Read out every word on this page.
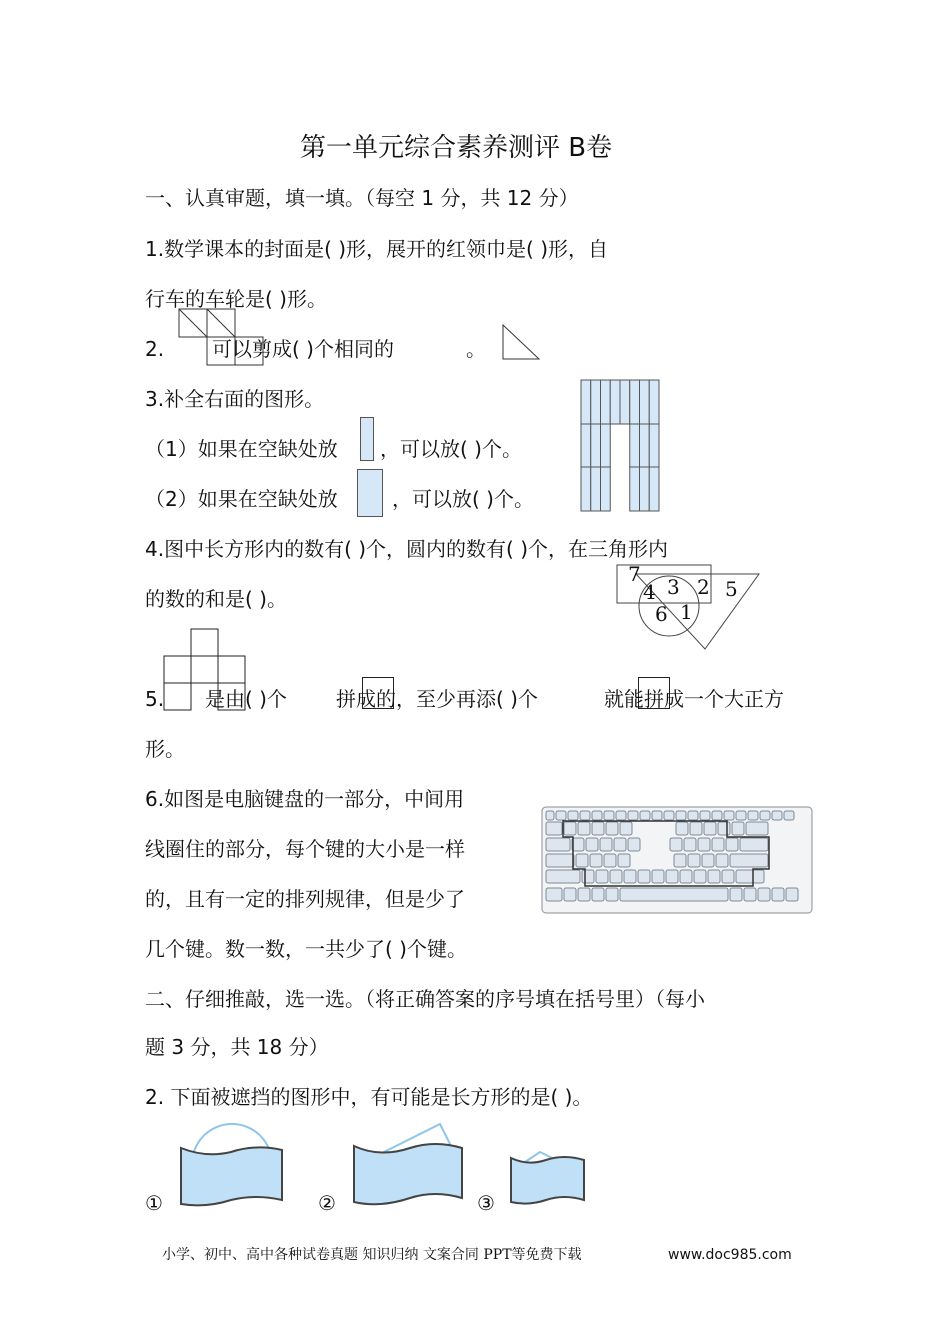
第一单元综合素养测评 B卷
一、认真审题，填一填。（每空 1 分，共 12 分）
1.数学课本的封面是( )形，展开的红领巾是( )形，自
行车的车轮是( )形。
2. 可以剪成( )个相同的	。
3.补全右面的图形。
（1）如果在空缺处放 ，可以放( )个。
（2）如果在空缺处放	，可以放( )个。
4.图中长方形内的数有( )个，圆内的数有( )个，在三角形内
的数的和是( )。
7
4 3 2 5
6 1
5. 是由( )个 拼成的，至少再添( )个	就能拼成一个大正方
形。
6.如图是电脑键盘的一部分，中间用
线圈住的部分，每个键的大小是一样
的，且有一定的排列规律，但是少了
几个键。数一数，一共少了( )个键。
二、仔细推敲，选一选。（将正确答案的序号填在括号里）（每小
题 3 分，共 18 分）
2. 下面被遮挡的图形中，有可能是长方形的是( )。
①	②	③
小学、初中、高中各种试卷真题 知识归纳 文案合同 PPT等免费下载	www.doc985.com
